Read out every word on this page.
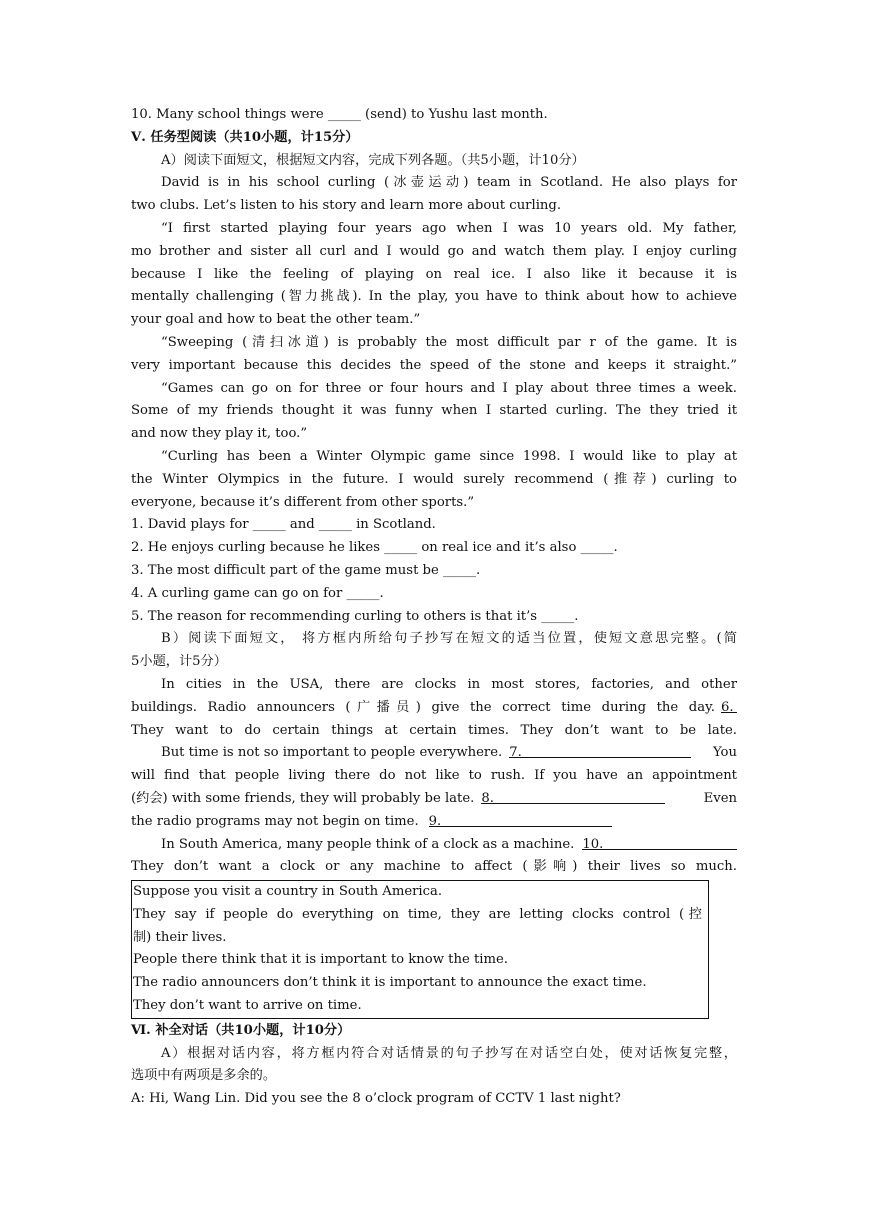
10. Many school things were _____ (send) to Yushu last month.
Ⅴ. 任务型阅读（共10小题，计15分）
A）阅读下面短文，根据短文内容，完成下列各题。（共5小题，计10分）
David is in his school curling (冰壶运动) team in Scotland. He also plays for
two clubs. Let’s listen to his story and learn more about curling.
“I first started playing four years ago when I was 10 years old. My father,
mo brother and sister all curl and I would go and watch them play. I enjoy curling
because I like the feeling of playing on real ice. I also like it because it is
mentally challenging (智力挑战). In the play, you have to think about how to achieve
your goal and how to beat the other team.”
“Sweeping (清扫冰道) is probably the most difficult par r of the game. It is
very important because this decides the speed of the stone and keeps it straight.”
“Games can go on for three or four hours and I play about three times a week.
Some of my friends thought it was funny when I started curling. The they tried it
and now they play it, too.”
“Curling has been a Winter Olympic game since 1998. I would like to play at
the Winter Olympics in the future. I would surely recommend (推荐) curling to
everyone, because it’s different from other sports.”
1. David plays for _____ and _____ in Scotland.
2. He enjoys curling because he likes _____ on real ice and it’s also _____.
3. The most difficult part of the game must be _____.
4. A curling game can go on for _____.
5. The reason for recommending curling to others is that it’s _____.
B）阅读下面短文， 将方框内所给句子抄写在短文的适当位置，使短文意思完整。(简
5小题，计5分）
In cities in the USA, there are clocks in most stores, factories, and other
buildings. Radio announcers (广播员) give the correct time during the day. 6.
They want to do certain things at certain times. They don’t want to be late.
But time is not so important to people everywhere. 7.	You
will find that people living there do not like to rush. If you have an appointment
(约会) with some friends, they will probably be late. 8.	Even
the radio programs may not begin on time. 9.
In South America, many people think of a clock as a machine. 10.
They don’t want a clock or any machine to affect (影响) their lives so much.
Suppose you visit a country in South America.
They say if people do everything on time, they are letting clocks control (控
制) their lives.
People there think that it is important to know the time.
The radio announcers don’t think it is important to announce the exact time.
They don’t want to arrive on time.
Ⅵ. 补全对话（共10小题，计10分）
A）根据对话内容，将方框内符合对话情景的句子抄写在对话空白处，使对话恢复完整，
选项中有两项是多余的。
A: Hi, Wang Lin. Did you see the 8 o’clock program of CCTV 1 last night?
